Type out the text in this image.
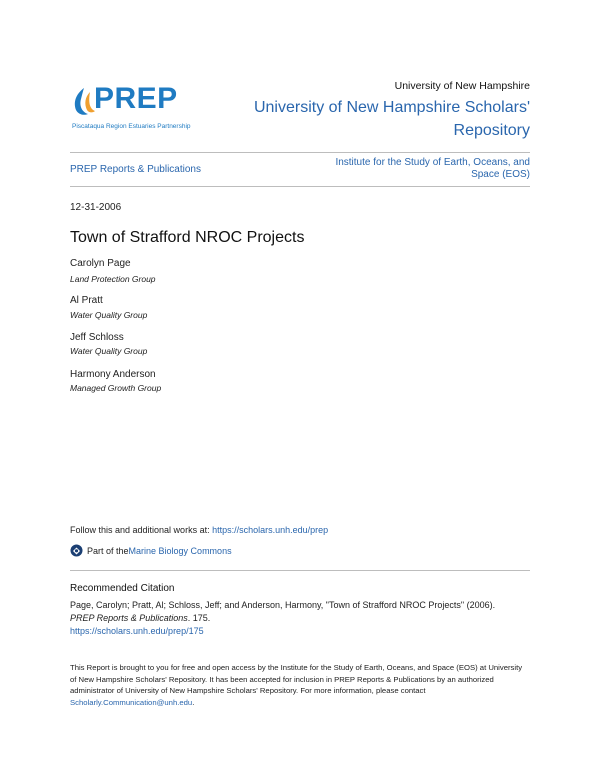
PREP
Piscataqua Region Estuaries Partnership
University of New Hampshire
University of New Hampshire Scholars'
Repository
PREP Reports & Publications
Institute for the Study of Earth, Oceans, and
Space (EOS)
12-31-2006
Town of Strafford NROC Projects
Carolyn Page
Land Protection Group
Al Pratt
Water Quality Group
Jeff Schloss
Water Quality Group
Harmony Anderson
Managed Growth Group
Follow this and additional works at: https://scholars.unh.edu/prep
Part of the Marine Biology Commons
Recommended Citation
Page, Carolyn; Pratt, Al; Schloss, Jeff; and Anderson, Harmony, "Town of Strafford NROC Projects" (2006).
PREP Reports & Publications. 175.
https://scholars.unh.edu/prep/175
This Report is brought to you for free and open access by the Institute for the Study of Earth, Oceans, and Space (EOS) at University of New Hampshire Scholars' Repository. It has been accepted for inclusion in PREP Reports & Publications by an authorized administrator of University of New Hampshire Scholars' Repository. For more information, please contact Scholarly.Communication@unh.edu.
